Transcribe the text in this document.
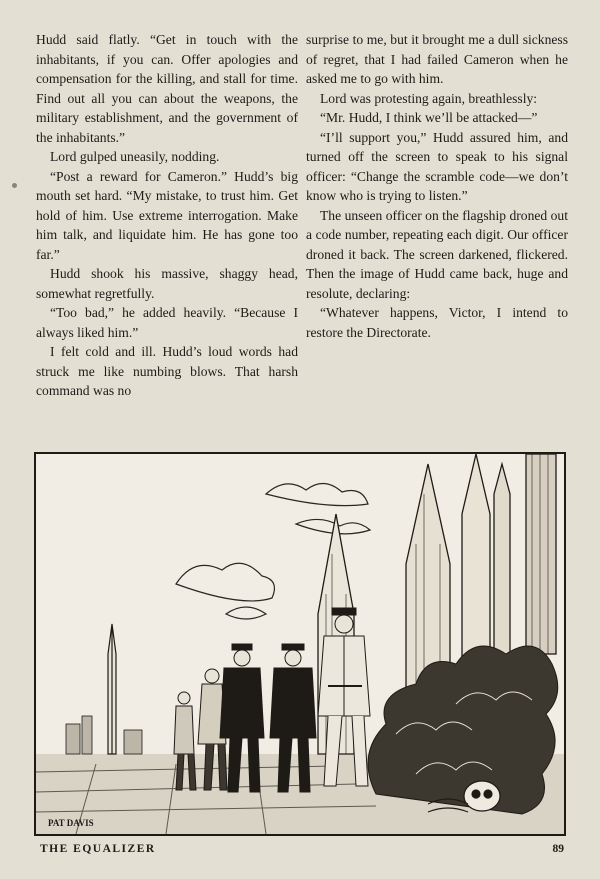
Hudd said flatly. “Get in touch with the inhabitants, if you can. Offer apologies and compensation for the killing, and stall for time. Find out all you can about the weapons, the military establishment, and the government of the inhabitants.”

Lord gulped uneasily, nodding.

“Post a reward for Cameron.” Hudd’s big mouth set hard. “My mistake, to trust him. Get hold of him. Use extreme interrogation. Make him talk, and liquidate him. He has gone too far.”

Hudd shook his massive, shaggy head, somewhat regretfully.

“Too bad,” he added heavily. “Because I always liked him.”

I felt cold and ill. Hudd’s loud words had struck me like numbing blows. That harsh command was no

surprise to me, but it brought me a dull sickness of regret, that I had failed Cameron when he asked me to go with him.

Lord was protesting again, breathlessly:

“Mr. Hudd, I think we’ll be attacked—”

“I’ll support you,” Hudd assured him, and turned off the screen to speak to his signal officer: “Change the scramble code—we don’t know who is trying to listen.”

The unseen officer on the flagship droned out a code number, repeating each digit. Our officer droned it back. The screen darkened, flickered. Then the image of Hudd came back, huge and resolute, declaring:

“Whatever happens, Victor, I intend to restore the Directorate.

PAT DAVIS
THE EQUALIZER	89
